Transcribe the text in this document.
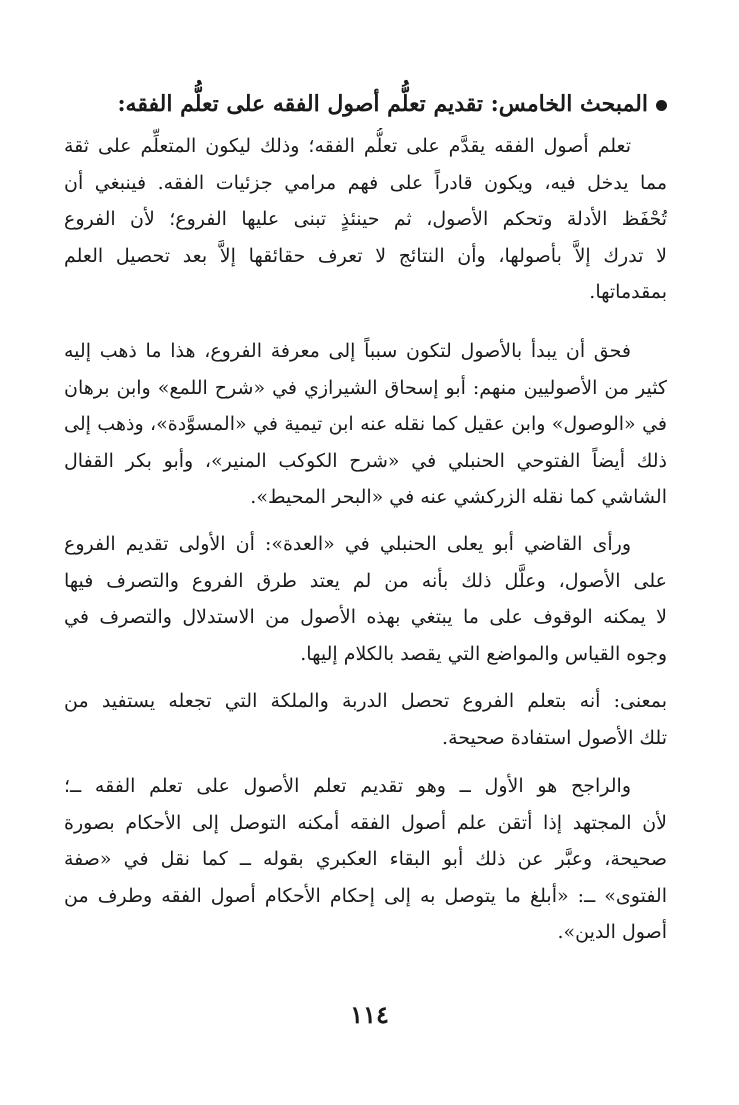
المبحث الخامس: تقديم تعلُّم أصول الفقه على تعلُّم الفقه:
تعلم أصول الفقه يقدَّم على تعلُّم الفقه؛ وذلك ليكون المتعلِّم على ثقة
مما يدخل فيه، ويكون قادراً على فهم مرامي جزئيات الفقه. فينبغي أن
تُحْفَظ الأدلة وتحكم الأصول، ثم حينئذٍ تبنى عليها الفروع؛ لأن الفروع
لا تدرك إلاَّ بأصولها، وأن النتائج لا تعرف حقائقها إلاَّ بعد تحصيل العلم
بمقدماتها.
فحق أن يبدأ بالأصول لتكون سبباً إلى معرفة الفروع، هذا ما ذهب إليه
كثير من الأصوليين منهم: أبو إسحاق الشيرازي في «شرح اللمع» وابن برهان
في «الوصول» وابن عقيل كما نقله عنه ابن تيمية في «المسوَّدة»، وذهب إلى
ذلك أيضاً الفتوحي الحنبلي في «شرح الكوكب المنير»، وأبو بكر القفال
الشاشي كما نقله الزركشي عنه في «البحر المحيط».
ورأى القاضي أبو يعلى الحنبلي في «العدة»: أن الأولى تقديم الفروع
على الأصول، وعلَّل ذلك بأنه من لم يعتد طرق الفروع والتصرف فيها
لا يمكنه الوقوف على ما يبتغي بهذه الأصول من الاستدلال والتصرف في
وجوه القياس والمواضع التي يقصد بالكلام إليها.
بمعنى: أنه بتعلم الفروع تحصل الدربة والملكة التي تجعله يستفيد من
تلك الأصول استفادة صحيحة.
والراجح هو الأول ــ وهو تقديم تعلم الأصول على تعلم الفقه ــ؛
لأن المجتهد إذا أتقن علم أصول الفقه أمكنه التوصل إلى الأحكام بصورة
صحيحة، وعبَّر عن ذلك أبو البقاء العكبري بقوله ــ كما نقل في «صفة
الفتوى» ــ: «أبلغ ما يتوصل به إلى إحكام الأحكام أصول الفقه وطرف من
أصول الدين».
١١٤
